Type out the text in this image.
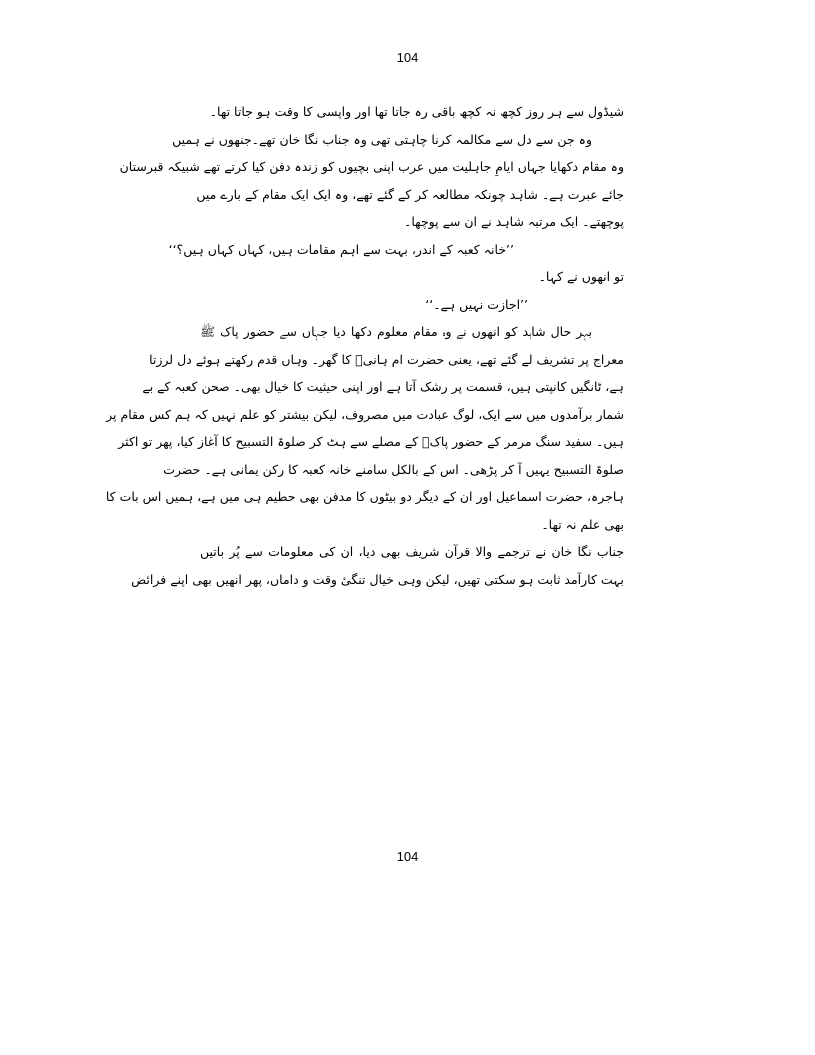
104
شیڈول سے ہر روز کچھ نہ کچھ باقی رہ جاتا تھا اور واپسی کا وقت ہو جاتا تھا۔
وہ جن سے دل سے مکالمہ کرنا چاہتی تھی وہ جناب نگا خان تھے۔جنھوں نے ہمیں
وہ مقام دکھایا جہاں ایامِ جاہلیت میں عرب اپنی بچیوں کو زندہ دفن کیا کرتے تھے شبیکہ قبرستان
جائے عبرت ہے۔ شاہد چونکہ مطالعہ کر کے گئے تھے، وہ ایک ایک مقام کے بارے میں
پوچھتے۔ ایک مرتبہ شاہد نے ان سے پوچھا۔
’’خانہ کعبہ کے اندر، بہت سے اہم مقامات ہیں، کہاں کہاں ہیں؟‘‘
تو انھوں نے کہا۔
’’اجازت نہیں ہے۔‘‘
بہر حال شاہد کو انھوں نے وہ مقام معلوم دکھا دیا جہاں سے حضور پاک ﷺ
معراج پر تشریف لے گئے تھے، یعنی حضرت ام ہانیؓ کا گھر۔ وہاں قدم رکھتے ہوئے دل لرزتا
ہے، ٹانگیں کانپتی ہیں، قسمت پر رشک آتا ہے اور اپنی حیثیت کا خیال بھی۔ صحن کعبہ کے بے
شمار برآمدوں میں سے ایک، لوگ عبادت میں مصروف، لیکن بیشتر کو علم نہیں کہ ہم کس مقام پر
ہیں۔ سفید سنگ مرمر کے حضور پاکؐ کے مصلے سے ہٹ کر صلوۃ التسبیح کا آغاز کیا، پھر تو اکثر
صلوۃ التسبیح یہیں آ کر پڑھی۔ اس کے بالکل سامنے خانہ کعبہ کا رکن یمانی ہے۔ حضرت
ہاجرہ، حضرت اسماعیل اور ان کے دیگر دو بیٹوں کا مدفن بھی حطیم ہی میں ہے، ہمیں اس بات کا
بھی علم نہ تھا۔
جناب نگا خان نے ترجمے والا قرآن شریف بھی دیا، ان کی معلومات سے پُر باتیں
بہت کارآمد ثابت ہو سکتی تھیں، لیکن وہی خیال تنگیٔ وقت و داماں، پھر انھیں بھی اپنے فرائض
104
